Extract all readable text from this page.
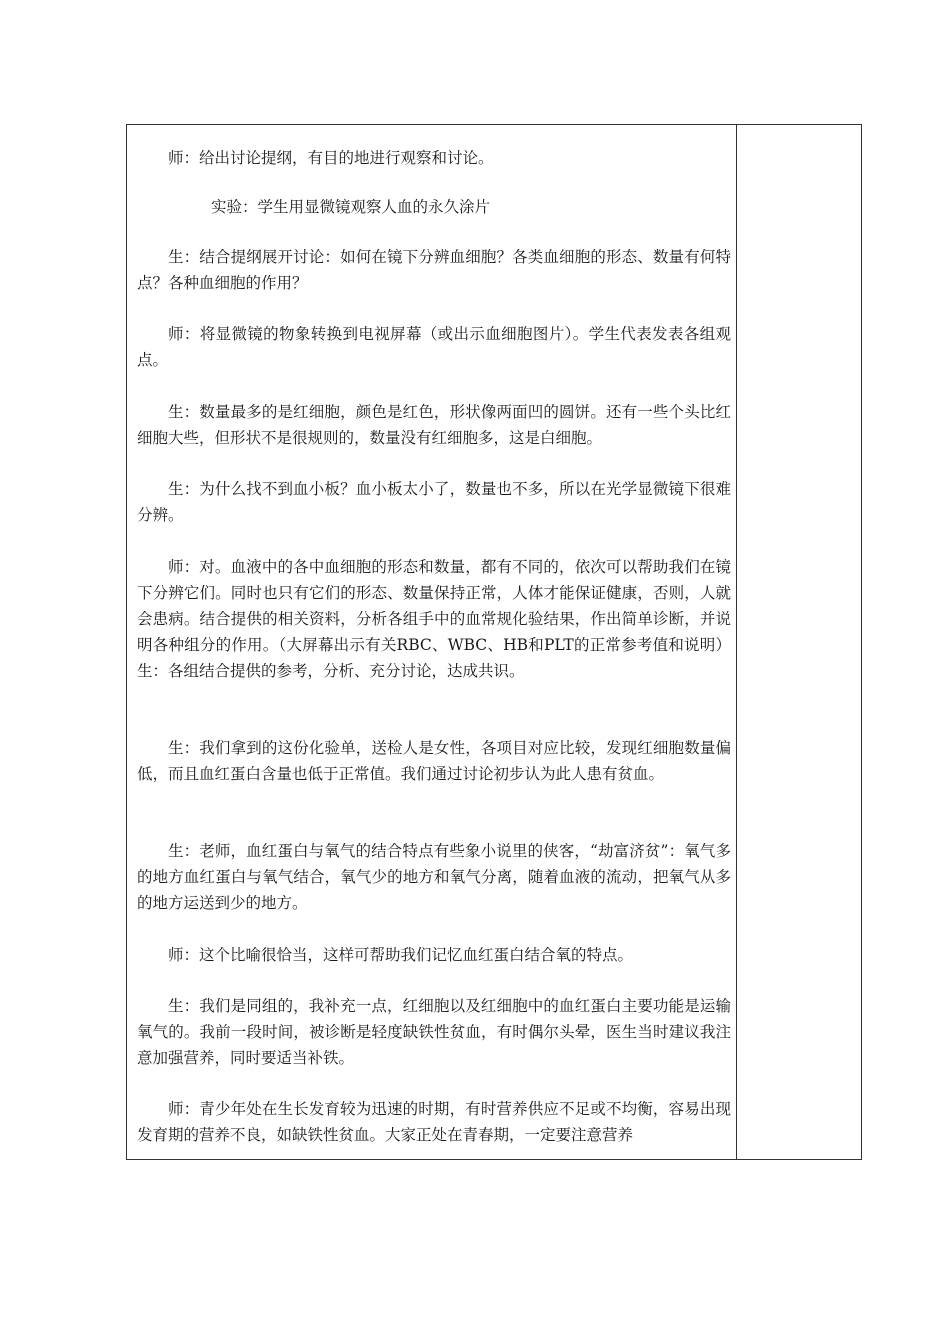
师：给出讨论提纲，有目的地进行观察和讨论。

实验：学生用显微镜观察人血的永久涂片

生：结合提纲展开讨论：如何在镜下分辨血细胞？各类血细胞的形态、数量有何特点？各种血细胞的作用？

师：将显微镜的物象转换到电视屏幕（或出示血细胞图片）。学生代表发表各组观点。

生：数量最多的是红细胞，颜色是红色，形状像两面凹的圆饼。还有一些个头比红细胞大些，但形状不是很规则的，数量没有红细胞多，这是白细胞。

生：为什么找不到血小板？血小板太小了，数量也不多，所以在光学显微镜下很难分辨。

师：对。血液中的各中血细胞的形态和数量，都有不同的，依次可以帮助我们在镜下分辨它们。同时也只有它们的形态、数量保持正常，人体才能保证健康，否则，人就会患病。结合提供的相关资料，分析各组手中的血常规化验结果，作出简单诊断，并说明各种组分的作用。（大屏幕出示有关RBC、WBC、HB和PLT的正常参考值和说明）生：各组结合提供的参考，分析、充分讨论，达成共识。

生：我们拿到的这份化验单，送检人是女性，各项目对应比较，发现红细胞数量偏低，而且血红蛋白含量也低于正常值。我们通过讨论初步认为此人患有贫血。

生：老师，血红蛋白与氧气的结合特点有些象小说里的侠客，“劫富济贫”：氧气多的地方血红蛋白与氧气结合，氧气少的地方和氧气分离，随着血液的流动，把氧气从多的地方运送到少的地方。

师：这个比喻很恰当，这样可帮助我们记忆血红蛋白结合氧的特点。

生：我们是同组的，我补充一点，红细胞以及红细胞中的血红蛋白主要功能是运输氧气的。我前一段时间，被诊断是轻度缺铁性贫血，有时偶尔头晕，医生当时建议我注意加强营养，同时要适当补铁。

师：青少年处在生长发育较为迅速的时期，有时营养供应不足或不均衡，容易出现发育期的营养不良，如缺铁性贫血。大家正处在青春期，一定要注意营养
